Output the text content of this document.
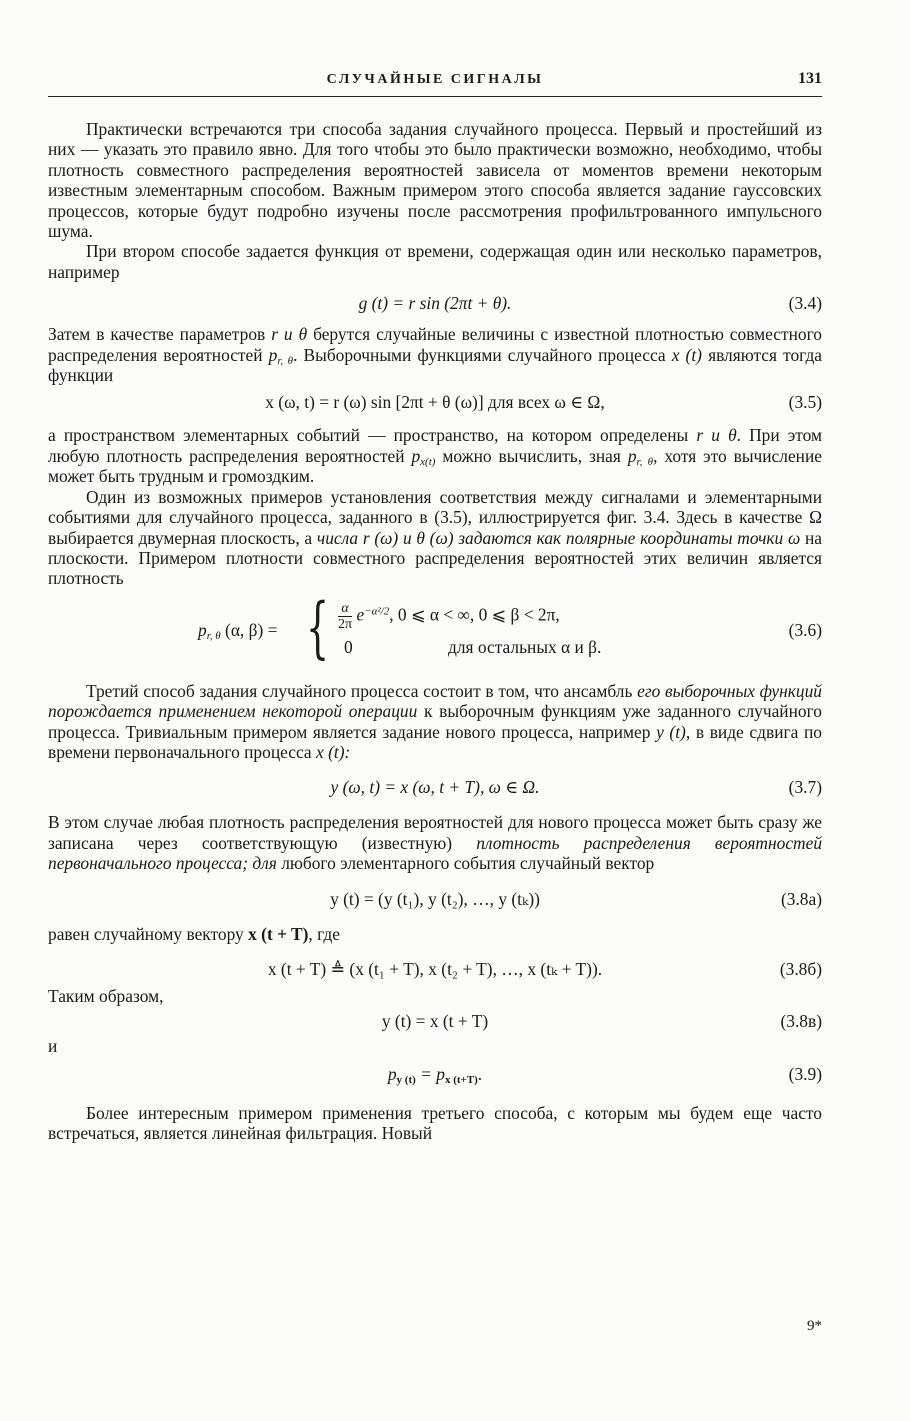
СЛУЧАЙНЫЕ СИГНАЛЫ	131

Практически встречаются три способа задания случайного процесса. Первый и простейший из них — указать это правило явно. Для того чтобы это было практически возможно, необходимо, чтобы плотность совместного распределения вероятностей зависела от моментов времени некоторым известным элементарным способом. Важным примером этого способа является задание гауссовских процессов, которые будут подробно изучены после рассмотрения профильтрованного импульсного шума.

При втором способе задается функция от времени, содержащая один или несколько параметров, например

g (t) = r sin (2πt + θ).	(3.4)

Затем в качестве параметров r и θ берутся случайные величины с известной плотностью совместного распределения вероятностей $p_{r, \theta}$. Выборочными функциями случайного процесса x (t) являются тогда функции

x (ω, t) = r (ω) sin [2πt + θ (ω)] для всех ω ∈ Ω,	(3.5)

а пространством элементарных событий — пространство, на котором определены r и θ. При этом любую плотность распределения вероятностей $p_{x(t)}$ можно вычислить, зная $p_{r, \theta}$, хотя это вычисление может быть трудным и громоздким.

Один из возможных примеров установления соответствия между сигналами и элементарными событиями для случайного процесса, заданного в (3.5), иллюстрируется фиг. 3.4. Здесь в качестве Ω выбирается двумерная плоскость, а числа r (ω) и θ (ω) задаются как полярные координаты точки ω на плоскости. Примером плотности совместного распределения вероятностей этих величин является плотность

$p_{r, \theta}$ (α, β) = { $\frac{\alpha}{2\pi} e^{-\alpha^2/2}$, 0 ⩽ α < ∞, 0 ⩽ β < 2π,
0	для остальных α и β.
(3.6)

Третий способ задания случайного процесса состоит в том, что ансамбль его выборочных функций порождается применением некоторой операции к выборочным функциям уже заданного случайного процесса. Тривиальным примером является задание нового процесса, например y (t), в виде сдвига по времени первоначального процесса x (t):

y (ω, t) = x (ω, t + T), ω ∈ Ω.	(3.7)

В этом случае любая плотность распределения вероятностей для нового процесса может быть сразу же записана через соответствующую (известную) плотность распределения вероятностей первоначального процесса; для любого элементарного события случайный вектор

y (t) = (y (t₁), y (t₂), …, y (tₖ))	(3.8а)

равен случайному вектору x (t + T), где

x (t + T) ≜ (x (t₁ + T), x (t₂ + T), …, x (tₖ + T)).	(3.8б)

Таким образом,

y (t) = x (t + T)	(3.8в)

и

$p_{y (t)} = p_{x (t+T)}$.	(3.9)

Более интересным примером применения третьего способа, с которым мы будем еще часто встречаться, является линейная фильтрация. Новый

9*
